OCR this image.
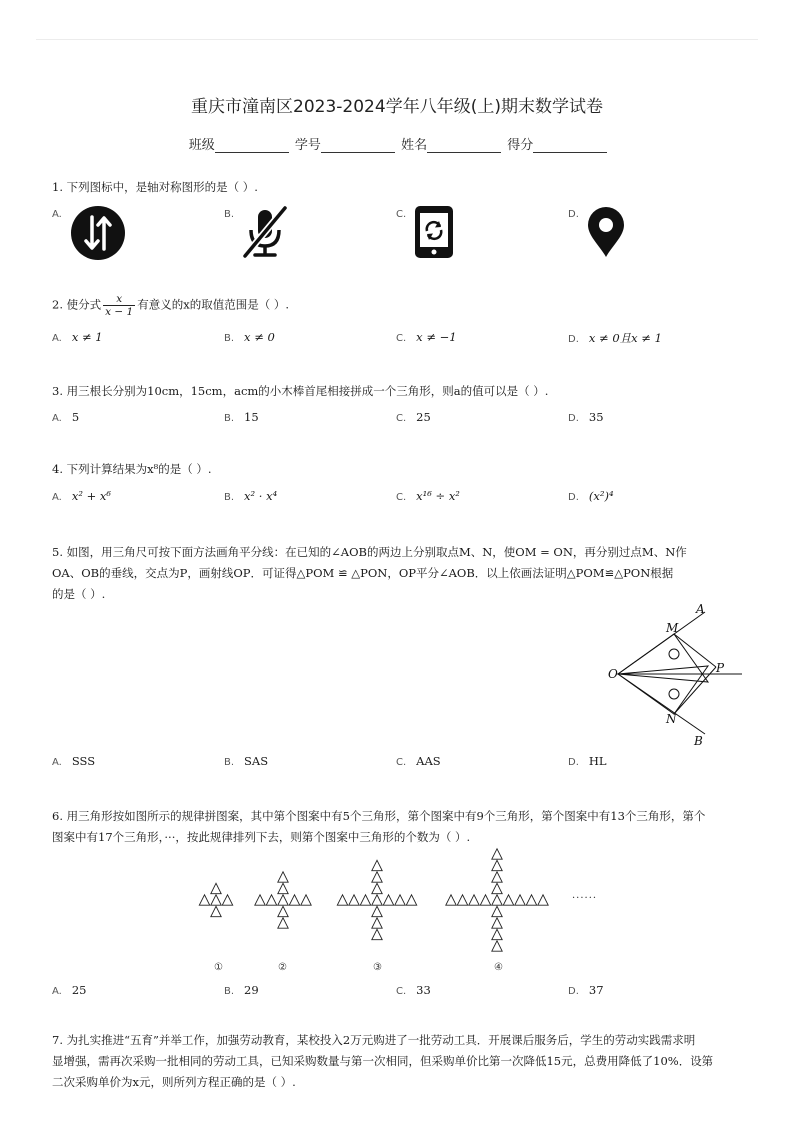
重庆市潼南区2023-2024学年八年级(上)期末数学试卷
班级	学号	姓名	得分
1. 下列图标中，是轴对称图形的是（ ）.
A.	B.	C.	D.
2. 使分式 $\frac{x}{x - 1}$ 有意义的x的取值范围是（ ）.
A. x ≠ 1	B. x ≠ 0	C. x ≠ −1	D. x ≠ 0且x ≠ 1
3. 用三根长分别为10cm，15cm，acm的小木棒首尾相接拼成一个三角形，则a的值可以是（ ）.
A. 5	B. 15	C. 25	D. 35
4. 下列计算结果为x⁸的是（ ）.
A. x² + x⁶	B. x² · x⁴	C. x¹⁶ ÷ x²	D. (x²)⁴
5. 如图，用三角尺可按下面方法画角平分线：在已知的∠AOB的两边上分别取点M、N，使OM = ON，再分别过点M、N作
OA、OB的垂线，交点为P，画射线OP．可证得△POM ≌ △PON，OP平分∠AOB．以上依画法证明△POM≌△PON根据
的是（ ）.
A
M
O	P
N
B
A. SSS	B. SAS	C. AAS	D. HL
6. 用三角形按如图所示的规律拼图案，其中第个图案中有5个三角形，第个图案中有9个三角形，第个图案中有13个三角形，第个
图案中有17个三角形，···，按此规律排列下去，则第个图案中三角形的个数为（ ）.
①	②	③	④
······
A. 25	B. 29	C. 33	D. 37
7. 为扎实推进“五育”并举工作，加强劳动教育，某校投入2万元购进了一批劳动工具．开展课后服务后，学生的劳动实践需求明
显增强，需再次采购一批相同的劳动工具，已知采购数量与第一次相同，但采购单价比第一次降低15元，总费用降低了10%．设第
二次采购单价为x元，则所列方程正确的是（ ）.
